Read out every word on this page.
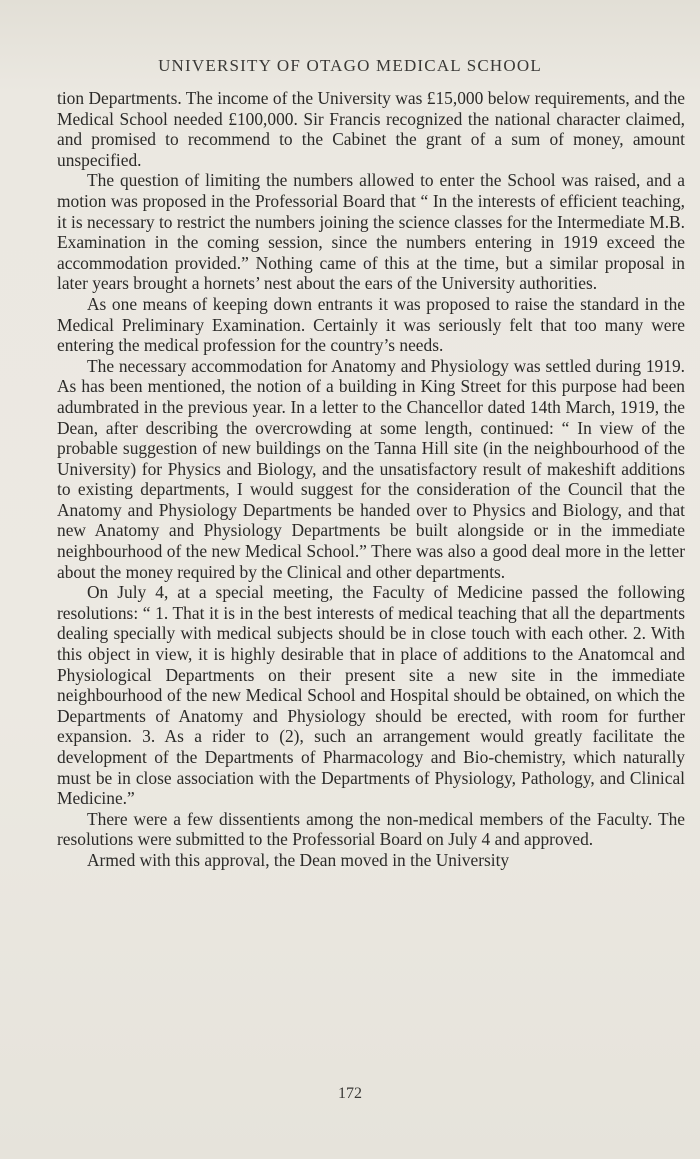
UNIVERSITY OF OTAGO MEDICAL SCHOOL

tion Departments. The income of the University was £15,000 below requirements, and the Medical School needed £100,000. Sir Francis recognized the national character claimed, and promised to recommend to the Cabinet the grant of a sum of money, amount unspecified.

The question of limiting the numbers allowed to enter the School was raised, and a motion was proposed in the Professorial Board that “ In the interests of efficient teaching, it is necessary to restrict the numbers joining the science classes for the Intermediate M.B. Examination in the coming session, since the numbers entering in 1919 exceed the accommodation provided.” Nothing came of this at the time, but a similar proposal in later years brought a hornets’ nest about the ears of the University authorities.

As one means of keeping down entrants it was proposed to raise the standard in the Medical Preliminary Examination. Certainly it was seriously felt that too many were entering the medical profession for the country’s needs.

The necessary accommodation for Anatomy and Physiology was settled during 1919. As has been mentioned, the notion of a building in King Street for this purpose had been adumbrated in the previous year. In a letter to the Chancellor dated 14th March, 1919, the Dean, after describing the overcrowding at some length, continued: “ In view of the probable suggestion of new buildings on the Tanna Hill site (in the neighbourhood of the University) for Physics and Biology, and the unsatisfactory result of makeshift additions to existing departments, I would suggest for the consideration of the Council that the Anatomy and Physiology Departments be handed over to Physics and Biology, and that new Anatomy and Physiology Departments be built alongside or in the immediate neighbourhood of the new Medical School.” There was also a good deal more in the letter about the money required by the Clinical and other departments.

On July 4, at a special meeting, the Faculty of Medicine passed the following resolutions: “ 1. That it is in the best interests of medical teaching that all the departments dealing specially with medical subjects should be in close touch with each other. 2. With this object in view, it is highly desirable that in place of additions to the Anatomcal and Physiological Departments on their present site a new site in the immediate neighbourhood of the new Medical School and Hospital should be obtained, on which the Departments of Anatomy and Physiology should be erected, with room for further expansion. 3. As a rider to (2), such an arrangement would greatly facilitate the development of the Departments of Pharmacology and Bio-chemistry, which naturally must be in close association with the Departments of Physiology, Pathology, and Clinical Medicine.”

There were a few dissentients among the non-medical members of the Faculty. The resolutions were submitted to the Professorial Board on July 4 and approved.

Armed with this approval, the Dean moved in the University

172
